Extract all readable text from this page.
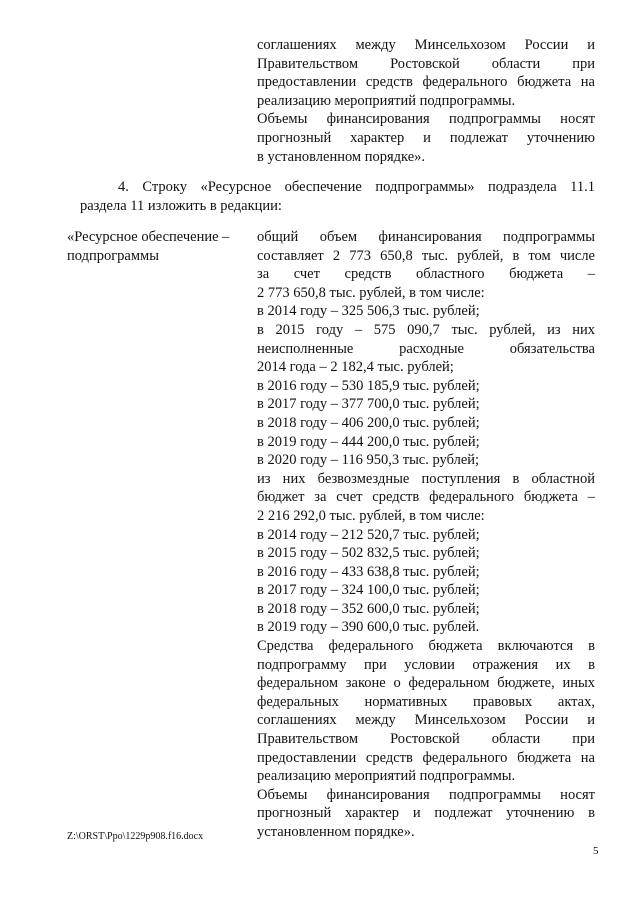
соглашениях между Минсельхозом России и

Правительством Ростовской области при

предоставлении средств федерального бюджета на

реализацию мероприятий подпрограммы.

Объемы финансирования подпрограммы носят

прогнозный характер и подлежат уточнению

в установленном порядке».

4. Строку «Ресурсное обеспечение подпрограммы» подраздела 11.1

раздела 11 изложить в редакции:

«Ресурсное обеспечение –
подпрограммы

общий объем финансирования подпрограммы

составляет 2 773 650,8 тыс. рублей, в том числе

за счет средств областного бюджета –

2 773 650,8 тыс. рублей, в том числе:

в 2014 году – 325 506,3 тыс. рублей;

в 2015 году – 575 090,7 тыс. рублей, из них

неисполненные расходные обязательства

2014 года – 2 182,4 тыс. рублей;

в 2016 году – 530 185,9 тыс. рублей;

в 2017 году – 377 700,0 тыс. рублей;

в 2018 году – 406 200,0 тыс. рублей;

в 2019 году – 444 200,0 тыс. рублей;

в 2020 году – 116 950,3 тыс. рублей;

из них безвозмездные поступления в областной

бюджет за счет средств федерального бюджета –

2 216 292,0 тыс. рублей, в том числе:

в 2014 году – 212 520,7 тыс. рублей;

в 2015 году – 502 832,5 тыс. рублей;

в 2016 году – 433 638,8 тыс. рублей;

в 2017 году – 324 100,0 тыс. рублей;

в 2018 году – 352 600,0 тыс. рублей;

в 2019 году – 390 600,0 тыс. рублей.

Средства федерального бюджета включаются в

подпрограмму при условии отражения их в

федеральном законе о федеральном бюджете, иных

федеральных нормативных правовых актах,

соглашениях между Минсельхозом России и

Правительством Ростовской области при

предоставлении средств федерального бюджета на

реализацию мероприятий подпрограммы.

Объемы финансирования подпрограммы носят

прогнозный характер и подлежат уточнению в

установленном порядке».

Z:\ORST\Ppo\1229p908.f16.docx
5
